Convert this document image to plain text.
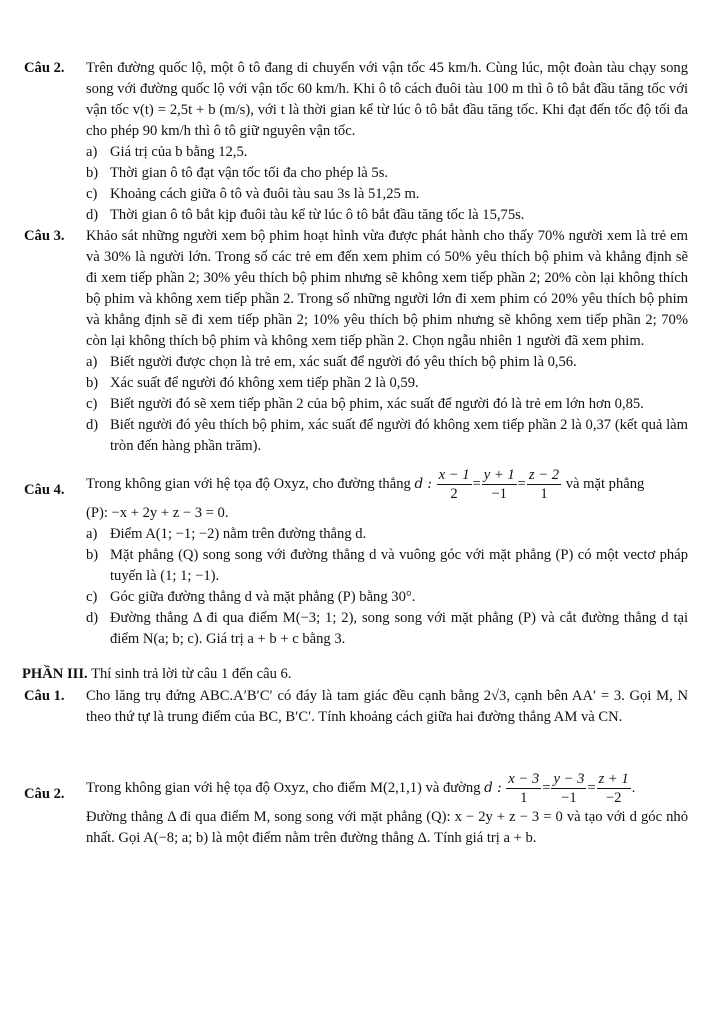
Câu 2. Trên đường quốc lộ, một ô tô đang di chuyển với vận tốc 45 km/h. Cùng lúc, một đoàn tàu chạy song song với đường quốc lộ với vận tốc 60 km/h. Khi ô tô cách đuôi tàu 100 m thì ô tô bắt đầu tăng tốc với vận tốc v(t) = 2,5t + b (m/s), với t là thời gian kể từ lúc ô tô bắt đầu tăng tốc. Khi đạt đến tốc độ tối đa cho phép 90 km/h thì ô tô giữ nguyên vận tốc.

a) Giá trị của b bằng 12,5.

b) Thời gian ô tô đạt vận tốc tối đa cho phép là 5s.

c) Khoảng cách giữa ô tô và đuôi tàu sau 3s là 51,25 m.

d) Thời gian ô tô bắt kịp đuôi tàu kể từ lúc ô tô bắt đầu tăng tốc là 15,75s.

Câu 3. Khảo sát những người xem bộ phim hoạt hình vừa được phát hành cho thấy 70% người xem là trẻ em và 30% là người lớn. Trong số các trẻ em đến xem phim có 50% yêu thích bộ phim và khẳng định sẽ đi xem tiếp phần 2; 30% yêu thích bộ phim nhưng sẽ không xem tiếp phần 2; 20% còn lại không thích bộ phim và không xem tiếp phần 2. Trong số những người lớn đi xem phim có 20% yêu thích bộ phim và khẳng định sẽ đi xem tiếp phần 2; 10% yêu thích bộ phim nhưng sẽ không xem tiếp phần 2; 70% còn lại không thích bộ phim và không xem tiếp phần 2. Chọn ngẫu nhiên 1 người đã xem phim.

a) Biết người được chọn là trẻ em, xác suất để người đó yêu thích bộ phim là 0,56.

b) Xác suất để người đó không xem tiếp phần 2 là 0,59.

c) Biết người đó sẽ xem tiếp phần 2 của bộ phim, xác suất để người đó là trẻ em lớn hơn 0,85.

d) Biết người đó yêu thích bộ phim, xác suất để người đó không xem tiếp phần 2 là 0,37 (kết quả làm tròn đến hàng phần trăm).

Câu 4. Trong không gian với hệ tọa độ Oxyz, cho đường thẳng d : $\frac{x - 1}{2} = \frac{y + 1}{-1} = \frac{z - 2}{1}$ và mặt phẳng

(P): −x + 2y + z − 3 = 0.

a) Điểm A(1; −1; −2) nằm trên đường thẳng d.

b) Mặt phẳng (Q) song song với đường thẳng d và vuông góc với mặt phẳng (P) có một vectơ pháp tuyến là (1; 1; −1).

c) Góc giữa đường thẳng d và mặt phẳng (P) bằng 30°.

d) Đường thẳng Δ đi qua điểm M(−3; 1; 2), song song với mặt phẳng (P) và cắt đường thẳng d tại điểm N(a; b; c). Giá trị a + b + c bằng 3.

PHẦN III. Thí sinh trả lời từ câu 1 đến câu 6.
Câu 1. Cho lăng trụ đứng ABC.A′B′C′ có đáy là tam giác đều cạnh bằng 2√3, cạnh bên AA′ = 3. Gọi M, N theo thứ tự là trung điểm của BC, B′C′. Tính khoảng cách giữa hai đường thẳng AM và CN.

Câu 2. Trong không gian với hệ tọa độ Oxyz, cho điểm M(2,1,1) và đường d : $\frac{x - 3}{1} = \frac{y - 3}{-1} = \frac{z + 1}{-2}$ .

Đường thẳng Δ đi qua điểm M, song song với mặt phẳng (Q): x − 2y + z − 3 = 0 và tạo với d góc nhỏ nhất. Gọi A(−8; a; b) là một điểm nằm trên đường thẳng Δ. Tính giá trị a + b.
